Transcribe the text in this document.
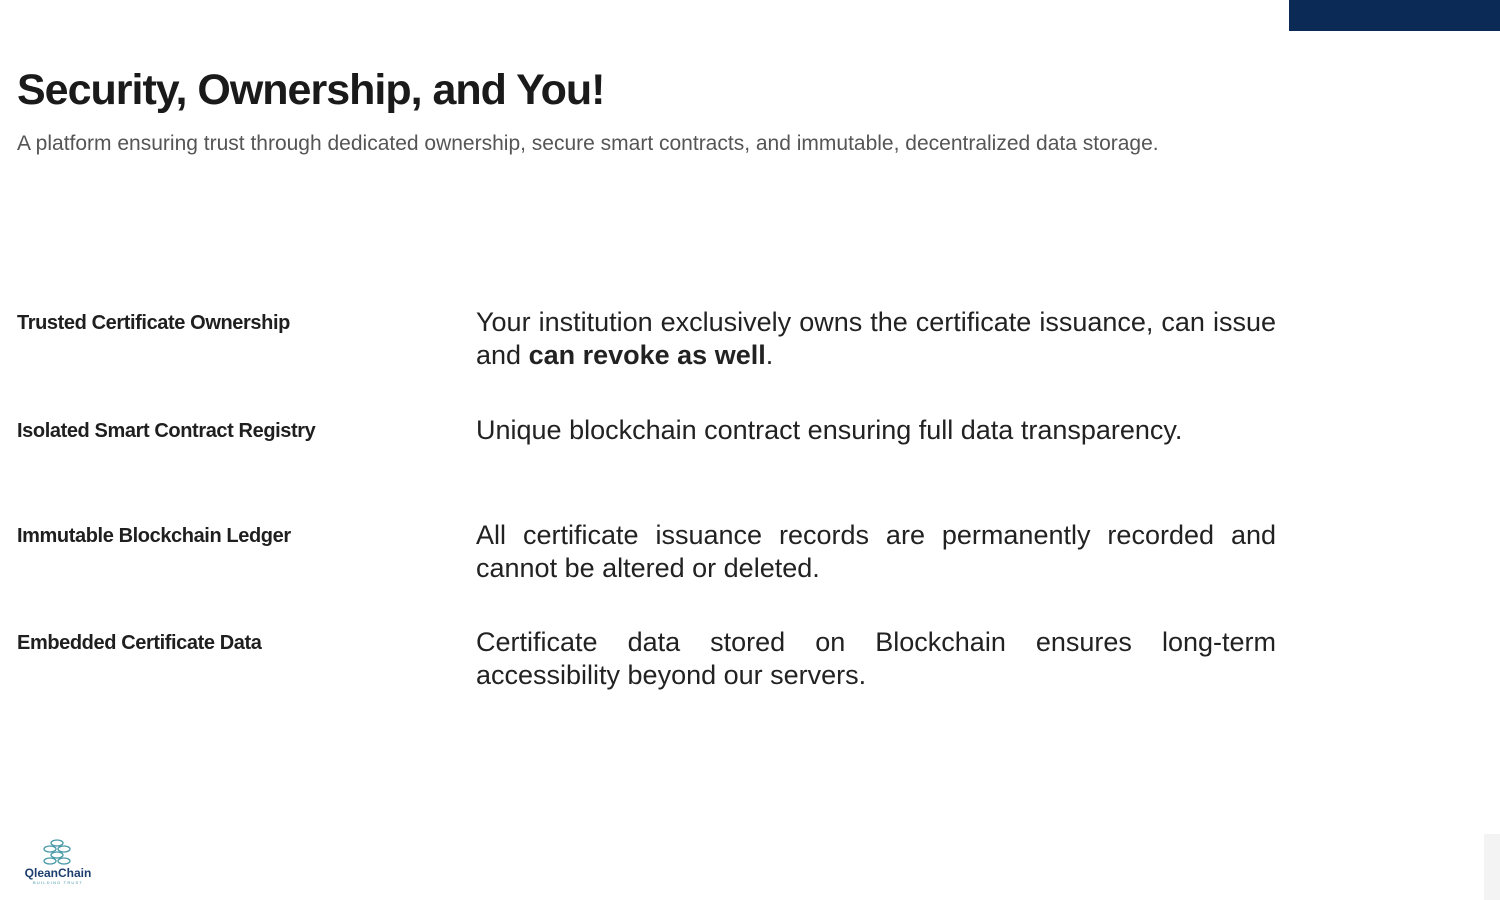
Security, Ownership, and You!

A platform ensuring trust through dedicated ownership, secure smart contracts, and immutable, decentralized data storage.

Trusted Certificate Ownership	Your institution exclusively owns the certificate issuance, can issue and can revoke as well.
Isolated Smart Contract Registry	Unique blockchain contract ensuring full data transparency.
Immutable Blockchain Ledger	All certificate issuance records are permanently recorded and cannot be altered or deleted.
Embedded Certificate Data	Certificate data stored on Blockchain ensures long-term accessibility beyond our servers.
QleanChain
BUILDING TRUST
